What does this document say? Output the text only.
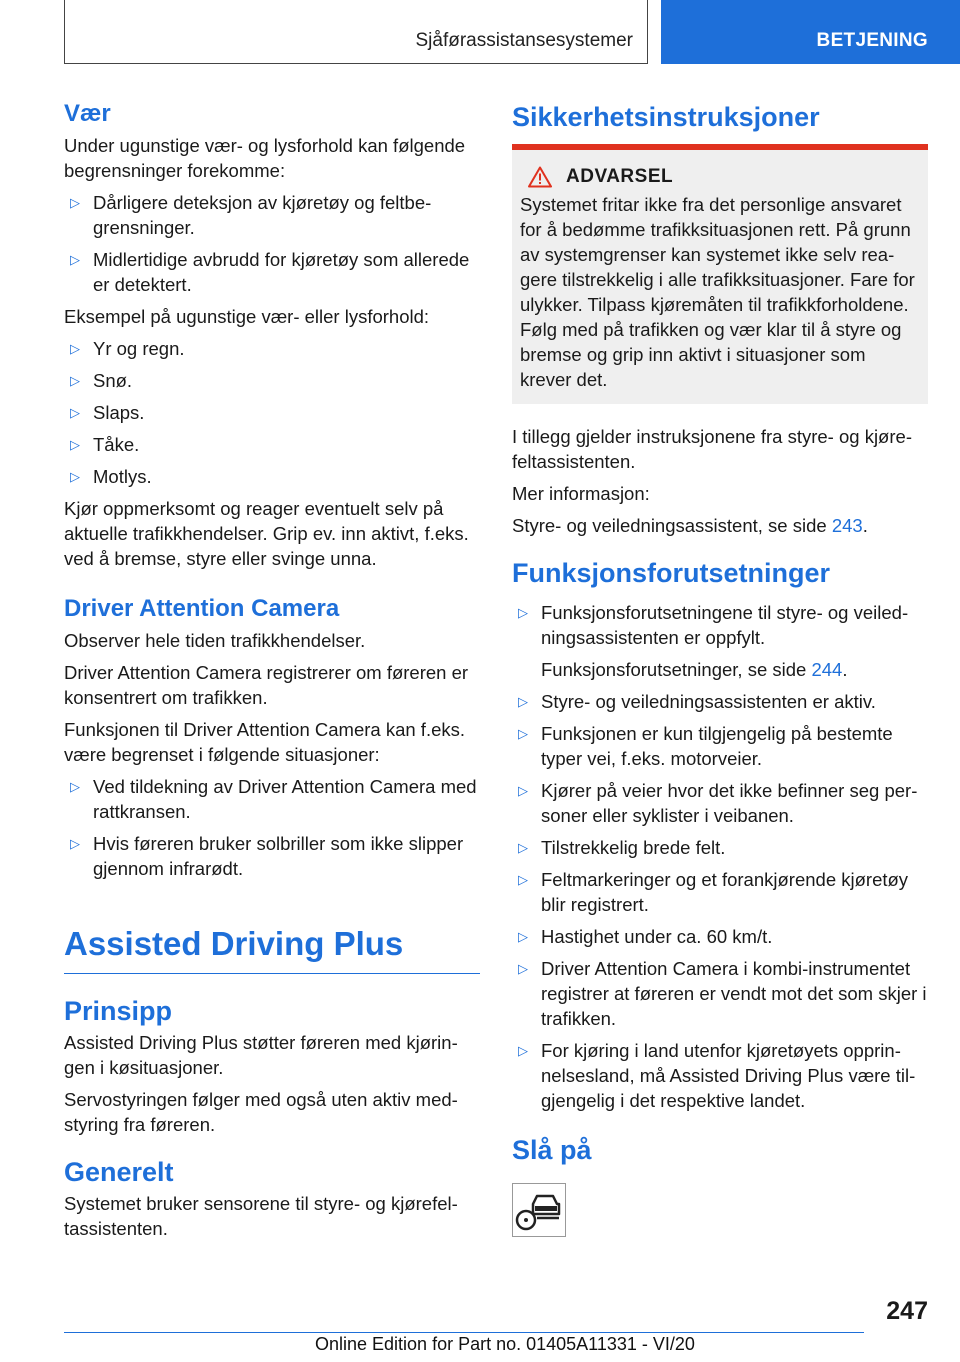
Sjåførassistansesystemer	BETJENING
Vær

Under ugunstige vær- og lysforhold kan følgende begrensninger forekomme:

▷ Dårligere deteksjon av kjøretøy og feltbegrensninger.
▷ Midlertidige avbrudd for kjøretøy som allerede er detektert.

Eksempel på ugunstige vær- eller lysforhold:

▷ Yr og regn.
▷ Snø.
▷ Slaps.
▷ Tåke.
▷ Motlys.

Kjør oppmerksomt og reager eventuelt selv på aktuelle trafikkhendelser. Grip ev. inn aktivt, f.eks. ved å bremse, styre eller svinge unna.

Driver Attention Camera

Observer hele tiden trafikkhendelser.

Driver Attention Camera registrerer om føreren er konsentrert om trafikken.

Funksjonen til Driver Attention Camera kan f.eks. være begrenset i følgende situasjoner:

▷ Ved tildekning av Driver Attention Camera med rattkransen.
▷ Hvis føreren bruker solbriller som ikke slipper gjennom infrarødt.
Assisted Driving Plus
Prinsipp

Assisted Driving Plus støtter føreren med kjøringen i køsituasjoner.

Servostyringen følger med også uten aktiv medstyring fra føreren.

Generelt

Systemet bruker sensorene til styre- og kjørefeltassistenten.

Sikkerhetsinstruksjoner
ADVARSEL

Systemet fritar ikke fra det personlige ansvaret for å bedømme trafikksituasjonen rett. På grunn av systemgrenser kan systemet ikke selv reagere tilstrekkelig i alle trafikksituasjoner. Fare for ulykker. Tilpass kjøremåten til trafikkforholdene. Følg med på trafikken og vær klar til å styre og bremse og grip inn aktivt i situasjoner som krever det.

I tillegg gjelder instruksjonene fra styre- og kjørefeltassistenten.

Mer informasjon:

Styre- og veiledningsassistent, se side 243.

Funksjonsforutsetninger
▷ Funksjonsforutsetningene til styre- og veiledningsassistenten er oppfylt.
Funksjonsforutsetninger, se side 244.
▷ Styre- og veiledningsassistenten er aktiv.
▷ Funksjonen er kun tilgjengelig på bestemte typer vei, f.eks. motorveier.
▷ Kjører på veier hvor det ikke befinner seg personer eller syklister i veibanen.
▷ Tilstrekkelig brede felt.
▷ Feltmarkeringer og et forankjørende kjøretøy blir registrert.
▷ Hastighet under ca. 60 km/t.
▷ Driver Attention Camera i kombi-instrumentet registrer at føreren er vendt mot det som skjer i trafikken.
▷ For kjøring i land utenfor kjøretøyets opprinnelsesland, må Assisted Driving Plus være tilgjengelig i det respektive landet.
Slå på
247
Online Edition for Part no. 01405A11331 - VI/20
